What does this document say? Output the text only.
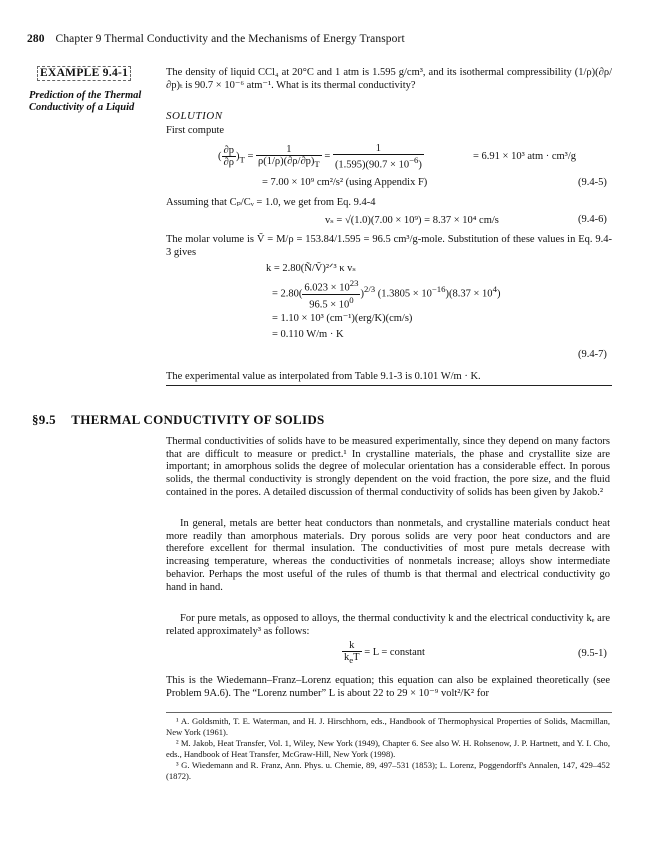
280 Chapter 9 Thermal Conductivity and the Mechanisms of Energy Transport
EXAMPLE 9.4-1
Prediction of the Thermal Conductivity of a Liquid
The density of liquid CCl₄ at 20°C and 1 atm is 1.595 g/cm³, and its isothermal compressibility (1/ρ)(∂ρ/∂p)ₜ is 90.7 × 10⁻⁶ atm⁻¹. What is its thermal conductivity?
SOLUTION
First compute
( $\frac{\partial p}{\partial\rho} )_T = \frac{1}{\rho(1/\rho)(\partial\rho/\partial p)_T} = \frac{1}{(1.595)(90.7 \times 10^{-6})}$	= 6.91 × 10³ atm · cm³/g
= 7.00 × 10⁹ cm²/s² (using Appendix F)	(9.4-5)
Assuming that Cₚ/Cᵥ = 1.0, we get from Eq. 9.4-4
vₛ = √(1.0)(7.00 × 10⁹) = 8.37 × 10⁴ cm/s	(9.4-6)
The molar volume is Ṽ = M/ρ = 153.84/1.595 = 96.5 cm³/g-mole. Substitution of these values in Eq. 9.4-3 gives
k = 2.80(Ñ/Ṽ)²ᐟ³ κ vₛ
= $2.80( \frac{6.023 \times 10^{23}}{96.5 \times 10^0} )^{2/3}$ $(1.3805 \times 10^{-16})(8.37 \times 10^4)$
= 1.10 × 10³ (cm⁻¹)(erg/K)(cm/s)
= 0.110 W/m · K
(9.4-7)
The experimental value as interpolated from Table 9.1-3 is 0.101 W/m · K.
§9.5 THERMAL CONDUCTIVITY OF SOLIDS

Thermal conductivities of solids have to be measured experimentally, since they depend on many factors that are difficult to measure or predict.¹ In crystalline materials, the phase and crystallite size are important; in amorphous solids the degree of molecular orientation has a considerable effect. In porous solids, the thermal conductivity is strongly dependent on the void fraction, the pore size, and the fluid contained in the pores. A detailed discussion of thermal conductivity of solids has been given by Jakob.²

In general, metals are better heat conductors than nonmetals, and crystalline materials conduct heat more readily than amorphous materials. Dry porous solids are very poor heat conductors and are therefore excellent for thermal insulation. The conductivities of most pure metals decrease with increasing temperature, whereas the conductivities of nonmetals increase; alloys show intermediate behavior. Perhaps the most useful of the rules of thumb is that thermal and electrical conductivity go hand in hand.

For pure metals, as opposed to alloys, the thermal conductivity k and the electrical conductivity kₑ are related approximately³ as follows:

$\frac{k}{k_eT} = L$ = constant	(9.5-1)

This is the Wiedemann–Franz–Lorenz equation; this equation can also be explained theoretically (see Problem 9A.6). The “Lorenz number” L is about 22 to 29 × 10⁻⁹ volt²/K² for

¹ A. Goldsmith, T. E. Waterman, and H. J. Hirschhorn, eds., Handbook of Thermophysical Properties of Solids, Macmillan, New York (1961).

² M. Jakob, Heat Transfer, Vol. 1, Wiley, New York (1949), Chapter 6. See also W. H. Rohsenow, J. P. Hartnett, and Y. I. Cho, eds., Handbook of Heat Transfer, McGraw-Hill, New York (1998).

³ G. Wiedemann and R. Franz, Ann. Phys. u. Chemie, 89, 497–531 (1853); L. Lorenz, Poggendorff's Annalen, 147, 429–452 (1872).
